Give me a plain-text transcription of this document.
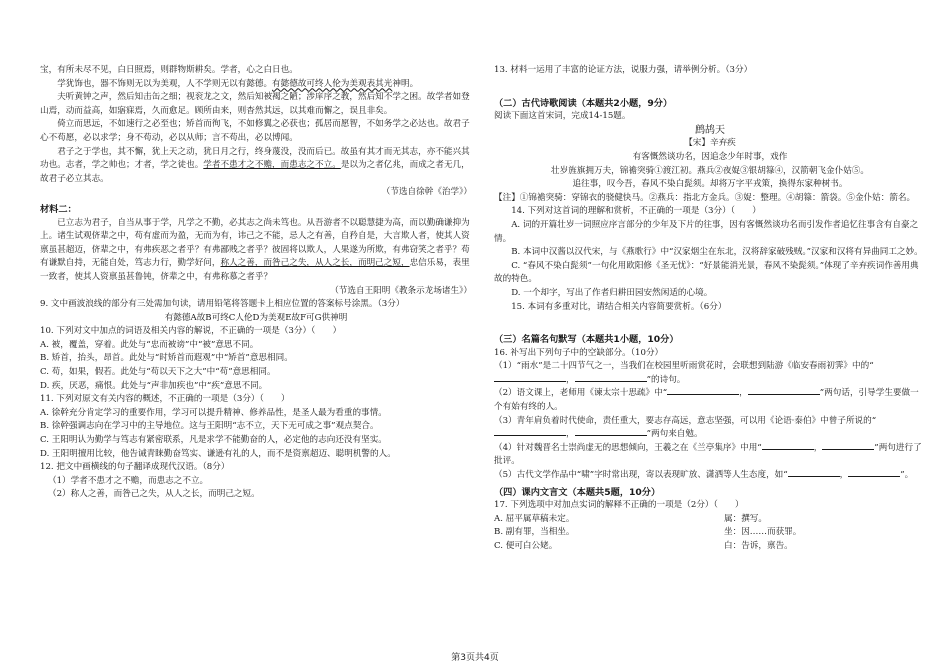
宝，有所未尽不见，白日照焉，则群物斯耕矣。学者，心之白日也。

学犹饰也，器不饰则无以为美观，人不学则无以有懿德。有懿德故可终人伦为美观表其光神明。

夫听黄钟之声，然后知击缶之细；视衮龙之文，然后知被褐之陋；涉庠序之教，然后知不学之困。故学者如登山焉，动而益高，如寤寐焉，久而愈足。顾所由来，则杳然其远，以其难而懈之，误且非矣。

倚立而思远，不如速行之必至也；矫首而徇飞，不如修翼之必获也；孤居而愿智，不如务学之必达也。故君子心不苟愿，必以求学；身不苟动，必以从师；言不苟出，必以博闻。

君子之于学也，其不懈，犹上天之动，犹日月之行，终身蔑没，没而后已。故虽有其才而无其志，亦不能兴其功也。志者，学之帅也；才者，学之徒也。学者不患才之不赡，而患志之不立。是以为之者亿兆，而成之者无几，故君子必立其志。

（节选自徐幹《治学》）

材料二：

已立志为君子，自当从事于学，凡学之不勤，必其志之尚未笃也。从吾游者不以聪慧捷为高，而以勤确谦抑为上。诸生试观侪辈之中，苟有虚而为盈，无而为有，讳己之不能，忌人之有善，自矜自是，大言欺人者，使其人资禀虽甚超迈，侪辈之中，有弗疾恶之者乎？有弗鄙贱之者乎？彼固将以欺人，人果遂为所欺，有弗窃笑之者乎？苟有谦默自持，无能自处，笃志力行，勤学好问，称人之善，而咎己之失，从人之长，而明己之短，忠信乐易，表里一致者，使其人资禀虽甚鲁钝，侪辈之中，有弗称慕之者乎？

（节选自王阳明《教条示龙场诸生》）

9. 文中画波浪线的部分有三处需加句读，请用铅笔将答题卡上相应位置的答案标号涂黑。（3分）

有懿德A故B可终C人伦D为美观E故F可G供神明

10. 下列对文中加点的词语及相关内容的解说，不正确的一项是（3分）（　　）

A. 被，覆盖，穿着。此处与“忠而被谤”中“被”意思不同。

B. 矫首，抬头，昂首。此处与“时矫首而遐观”中“矫首”意思相同。

C. 苟，如果，假若。此处与“苟以天下之大”中“苟”意思相同。

D. 疾，厌恶，痛恨。此处与“声非加疾也”中“疾”意思不同。

11. 下列对原文有关内容的概述，不正确的一项是（3分）（　　）

A. 徐幹充分肯定学习的重要作用，学习可以提升精神、修养品性，是圣人最为看重的事情。

B. 徐幹强调志向在学习中的主导地位。这与王阳明“志不立，天下无可成之事”观点契合。

C. 王阳明认为勤学与笃志有紧密联系，凡是求学不能勤奋的人，必定他的志向还没有坚实。

D. 王阳明擅用比较，他告诫青睐勤奋笃实、谦逊有礼的人，而不是资禀超迈、聪明机警的人。

12. 把文中画横线的句子翻译成现代汉语。（8分）

（1）学者不患才之不赡，而患志之不立。

（2）称人之善，而咎己之失，从人之长，而明己之短。

13. 材料一运用了丰富的论证方法，说服力强，请举例分析。（3分）

（二）古代诗歌阅读（本题共2小题，9分）

阅读下面这首宋词，完成14-15题。

鹧鸪天

【宋】辛弃疾

有客慨然谈功名，因追念少年时事，戏作

壮岁旌旗拥万夫，锦襜突骑①渡江初。燕兵②夜娖③银胡簶④，汉箭朝飞金仆姑⑤。

追往事，叹今吾，春风不染白髭须。却将万字平戎策，换得东家种树书。

【注】①锦襜突骑：穿锦衣的骁健快马。②燕兵：指北方金兵。③娖：整理。④胡簶：箭袋。⑤金仆姑：箭名。

14. 下列对这首词的理解和赏析，不正确的一项是（3分）（　　）

A. 词的开篇壮岁一词照应序言部分的少年及下片的往事，因有客慨然谈功名而引发作者追忆往事含有自豪之情。

B. 本词中汉酱以汉代宋，与《燕歌行》中“汉家烟尘在东北，汉将辞家破残贼。”汉家和汉将有异曲同工之妙。

C. “春风不染白髭须”一句化用欧阳修《圣无忧》：“好景能消光景，春风不染髭须。”体现了辛弃疾词作善用典故的特色。

D. 一个却字，写出了作者归耕田园安然闲适的心境。

15. 本词有多重对比，请结合相关内容简要赏析。（6分）

（三）名篇名句默写（本题共1小题，10分）

16. 补写出下列句子中的空缺部分。（10分）

（1）“雨水”是二十四节气之一，当我们在校园里听雨赏花时，会联想到陆游《临安春雨初霁》中的“，	”的诗句。

（2）语文课上，老师用《谏太宗十思疏》中“	，	”两句话，引导学生要做一个有始有终的人。

（3）青年肩负着时代使命，责任重大，要志存高远，意志坚强，可以用《论语·泰伯》中曾子所说的“，	”两句来自勉。

（4）针对魏晋名士崇尚虚无的思想倾向，王羲之在《兰亭集序》中用“	，	”两句进行了批评。

（5）古代文学作品中“啸”字时常出现，寄以表现旷放、潇洒等人生态度，如“	，	”。

（四）课内文言文（本题共5题，10分）

17. 下列选项中对加点实词的解释不正确的一项是（2分）（　　）

A. 屈平属草稿未定。	属：撰写。
B. 副有罪，当相坐。	坐：因……而获罪。
C. 便可白公姥。	白：告诉，禀告。
第3页共4页
